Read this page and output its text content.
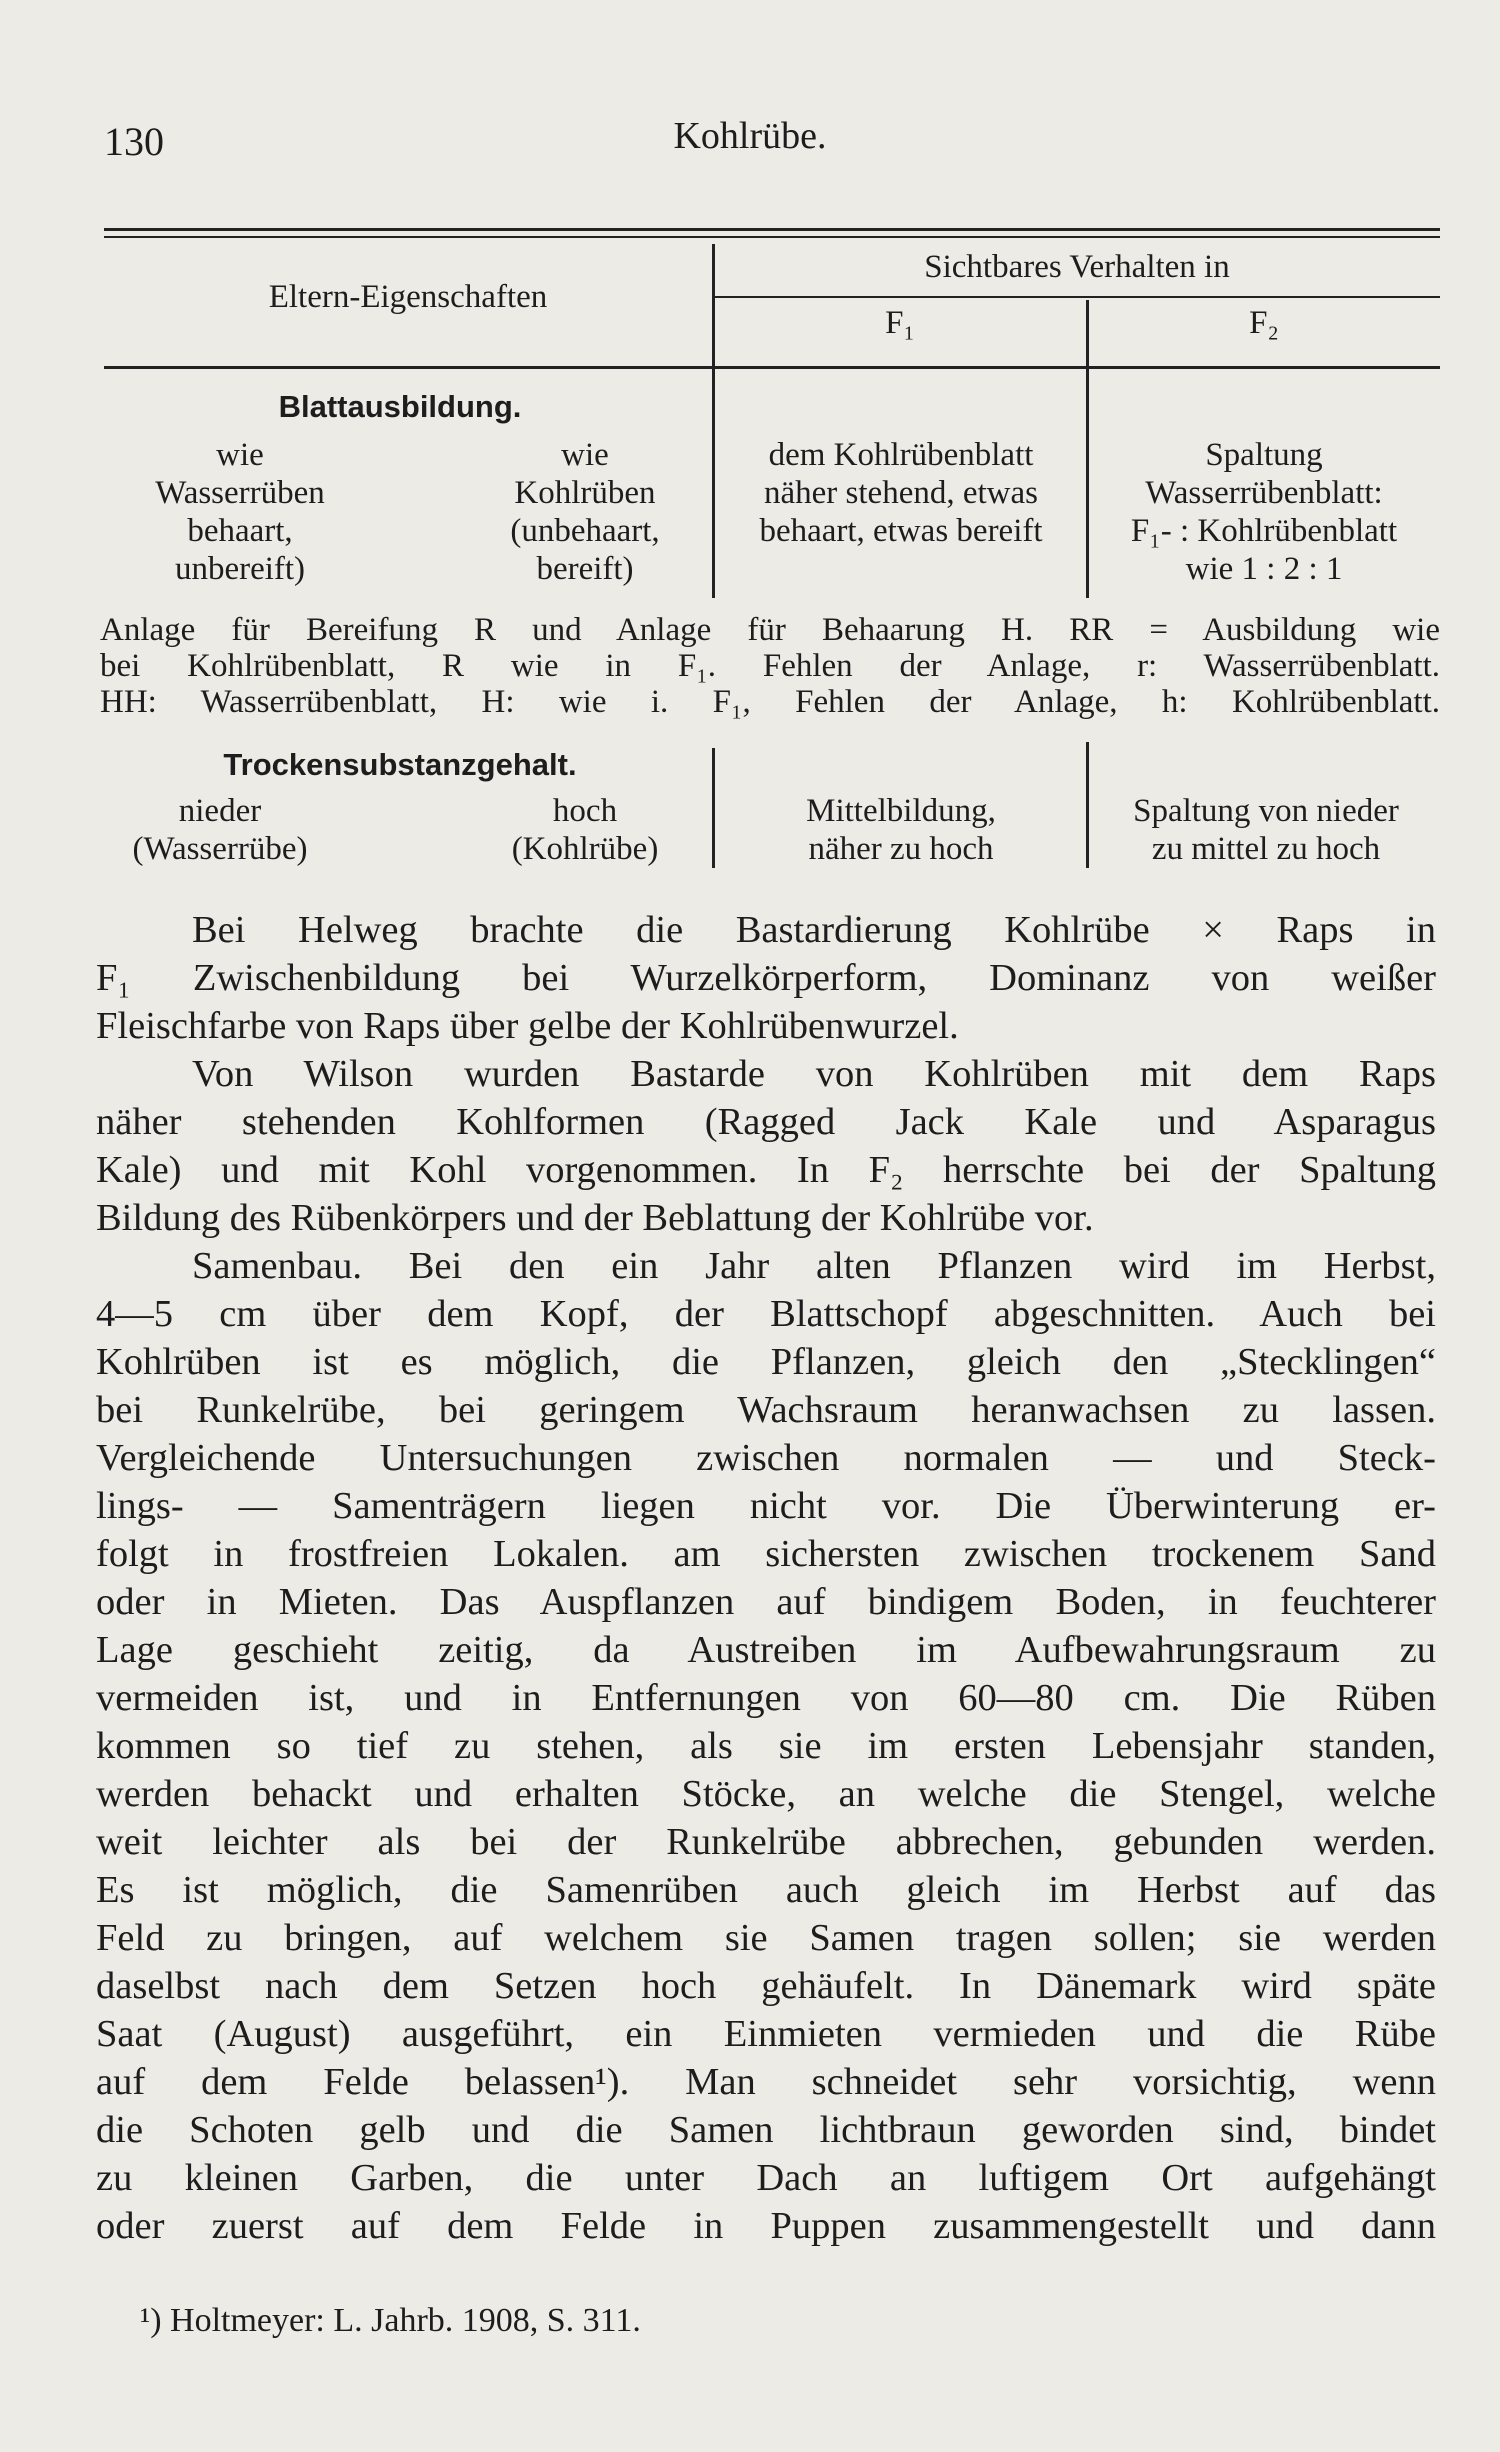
130	Kohlrübe.
Eltern-Eigenschaften
Sichtbares Verhalten in
F₁	F₂
Blattausbildung.
wie
Wasserrüben
behaart,
unbereift)
wie
Kohlrüben
(unbehaart,
bereift)
dem Kohlrübenblatt
näher stehend, etwas
behaart, etwas bereift
Spaltung
Wasserrübenblatt:
F₁- : Kohlrübenblatt
wie 1 : 2 : 1
Anlage für Bereifung R und Anlage für Behaarung H. RR = Ausbildung wie
bei Kohlrübenblatt, R wie in F₁. Fehlen der Anlage, r: Wasserrübenblatt.
HH: Wasserrübenblatt, H: wie i. F₁, Fehlen der Anlage, h: Kohlrübenblatt.
Trockensubstanzgehalt.
nieder
(Wasserrübe)
hoch
(Kohlrübe)
Mittelbildung,
näher zu hoch
Spaltung von nieder
zu mittel zu hoch
Bei Helweg brachte die Bastardierung Kohlrübe × Raps in
F₁ Zwischenbildung bei Wurzelkörperform, Dominanz von weißer
Fleischfarbe von Raps über gelbe der Kohlrübenwurzel.
Von Wilson wurden Bastarde von Kohlrüben mit dem Raps
näher stehenden Kohlformen (Ragged Jack Kale und Asparagus
Kale) und mit Kohl vorgenommen. In F₂ herrschte bei der Spaltung
Bildung des Rübenkörpers und der Beblattung der Kohlrübe vor.
Samenbau. Bei den ein Jahr alten Pflanzen wird im Herbst,
4—5 cm über dem Kopf, der Blattschopf abgeschnitten. Auch bei
Kohlrüben ist es möglich, die Pflanzen, gleich den „Stecklingen“
bei Runkelrübe, bei geringem Wachsraum heranwachsen zu lassen.
Vergleichende Untersuchungen zwischen normalen — und Steck-
lings- — Samenträgern liegen nicht vor. Die Überwinterung er-
folgt in frostfreien Lokalen. am sichersten zwischen trockenem Sand
oder in Mieten. Das Auspflanzen auf bindigem Boden, in feuchterer
Lage geschieht zeitig, da Austreiben im Aufbewahrungsraum zu
vermeiden ist, und in Entfernungen von 60—80 cm. Die Rüben
kommen so tief zu stehen, als sie im ersten Lebensjahr standen,
werden behackt und erhalten Stöcke, an welche die Stengel, welche
weit leichter als bei der Runkelrübe abbrechen, gebunden werden.
Es ist möglich, die Samenrüben auch gleich im Herbst auf das
Feld zu bringen, auf welchem sie Samen tragen sollen; sie werden
daselbst nach dem Setzen hoch gehäufelt. In Dänemark wird späte
Saat (August) ausgeführt, ein Einmieten vermieden und die Rübe
auf dem Felde belassen¹). Man schneidet sehr vorsichtig, wenn
die Schoten gelb und die Samen lichtbraun geworden sind, bindet
zu kleinen Garben, die unter Dach an luftigem Ort aufgehängt
oder zuerst auf dem Felde in Puppen zusammengestellt und dann
¹) Holtmeyer: L. Jahrb. 1908, S. 311.
